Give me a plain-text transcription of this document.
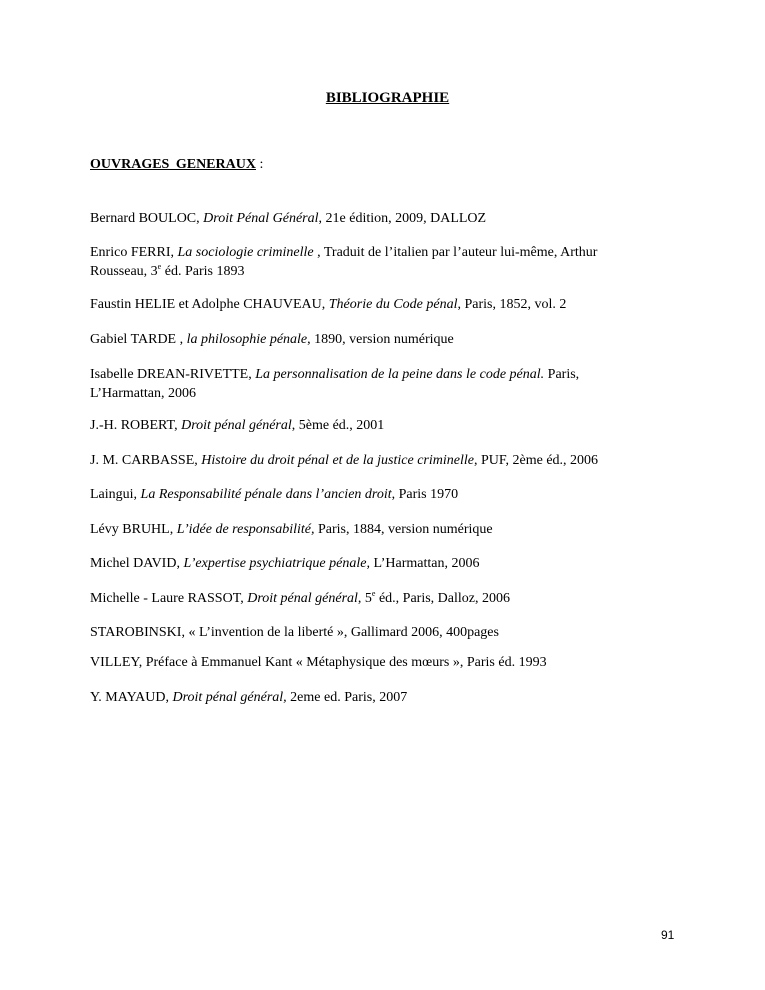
BIBLIOGRAPHIE
OUVRAGES GENERAUX :
Bernard BOULOC, Droit Pénal Général, 21e édition, 2009, DALLOZ
Enrico FERRI, La sociologie criminelle , Traduit de l’italien par l’auteur lui-même, Arthur Rousseau, 3e éd. Paris 1893
Faustin HELIE et Adolphe CHAUVEAU, Théorie du Code pénal, Paris, 1852, vol. 2
Gabiel TARDE , la philosophie pénale, 1890, version numérique
Isabelle DREAN-RIVETTE, La personnalisation de la peine dans le code pénal. Paris, L’Harmattan, 2006
J.-H. ROBERT, Droit pénal général, 5ème éd., 2001
J. M. CARBASSE, Histoire du droit pénal et de la justice criminelle, PUF, 2ème éd., 2006
Laingui, La Responsabilité pénale dans l’ancien droit, Paris 1970
Lévy BRUHL, L’idée de responsabilité, Paris, 1884, version numérique
Michel DAVID, L’expertise psychiatrique pénale, L’Harmattan, 2006
Michelle - Laure RASSOT, Droit pénal général, 5e éd., Paris, Dalloz, 2006
STAROBINSKI, « L’invention de la liberté », Gallimard 2006, 400pages
VILLEY, Préface à Emmanuel Kant « Métaphysique des mœurs », Paris éd. 1993
Y. MAYAUD, Droit pénal général, 2eme ed. Paris, 2007
91
